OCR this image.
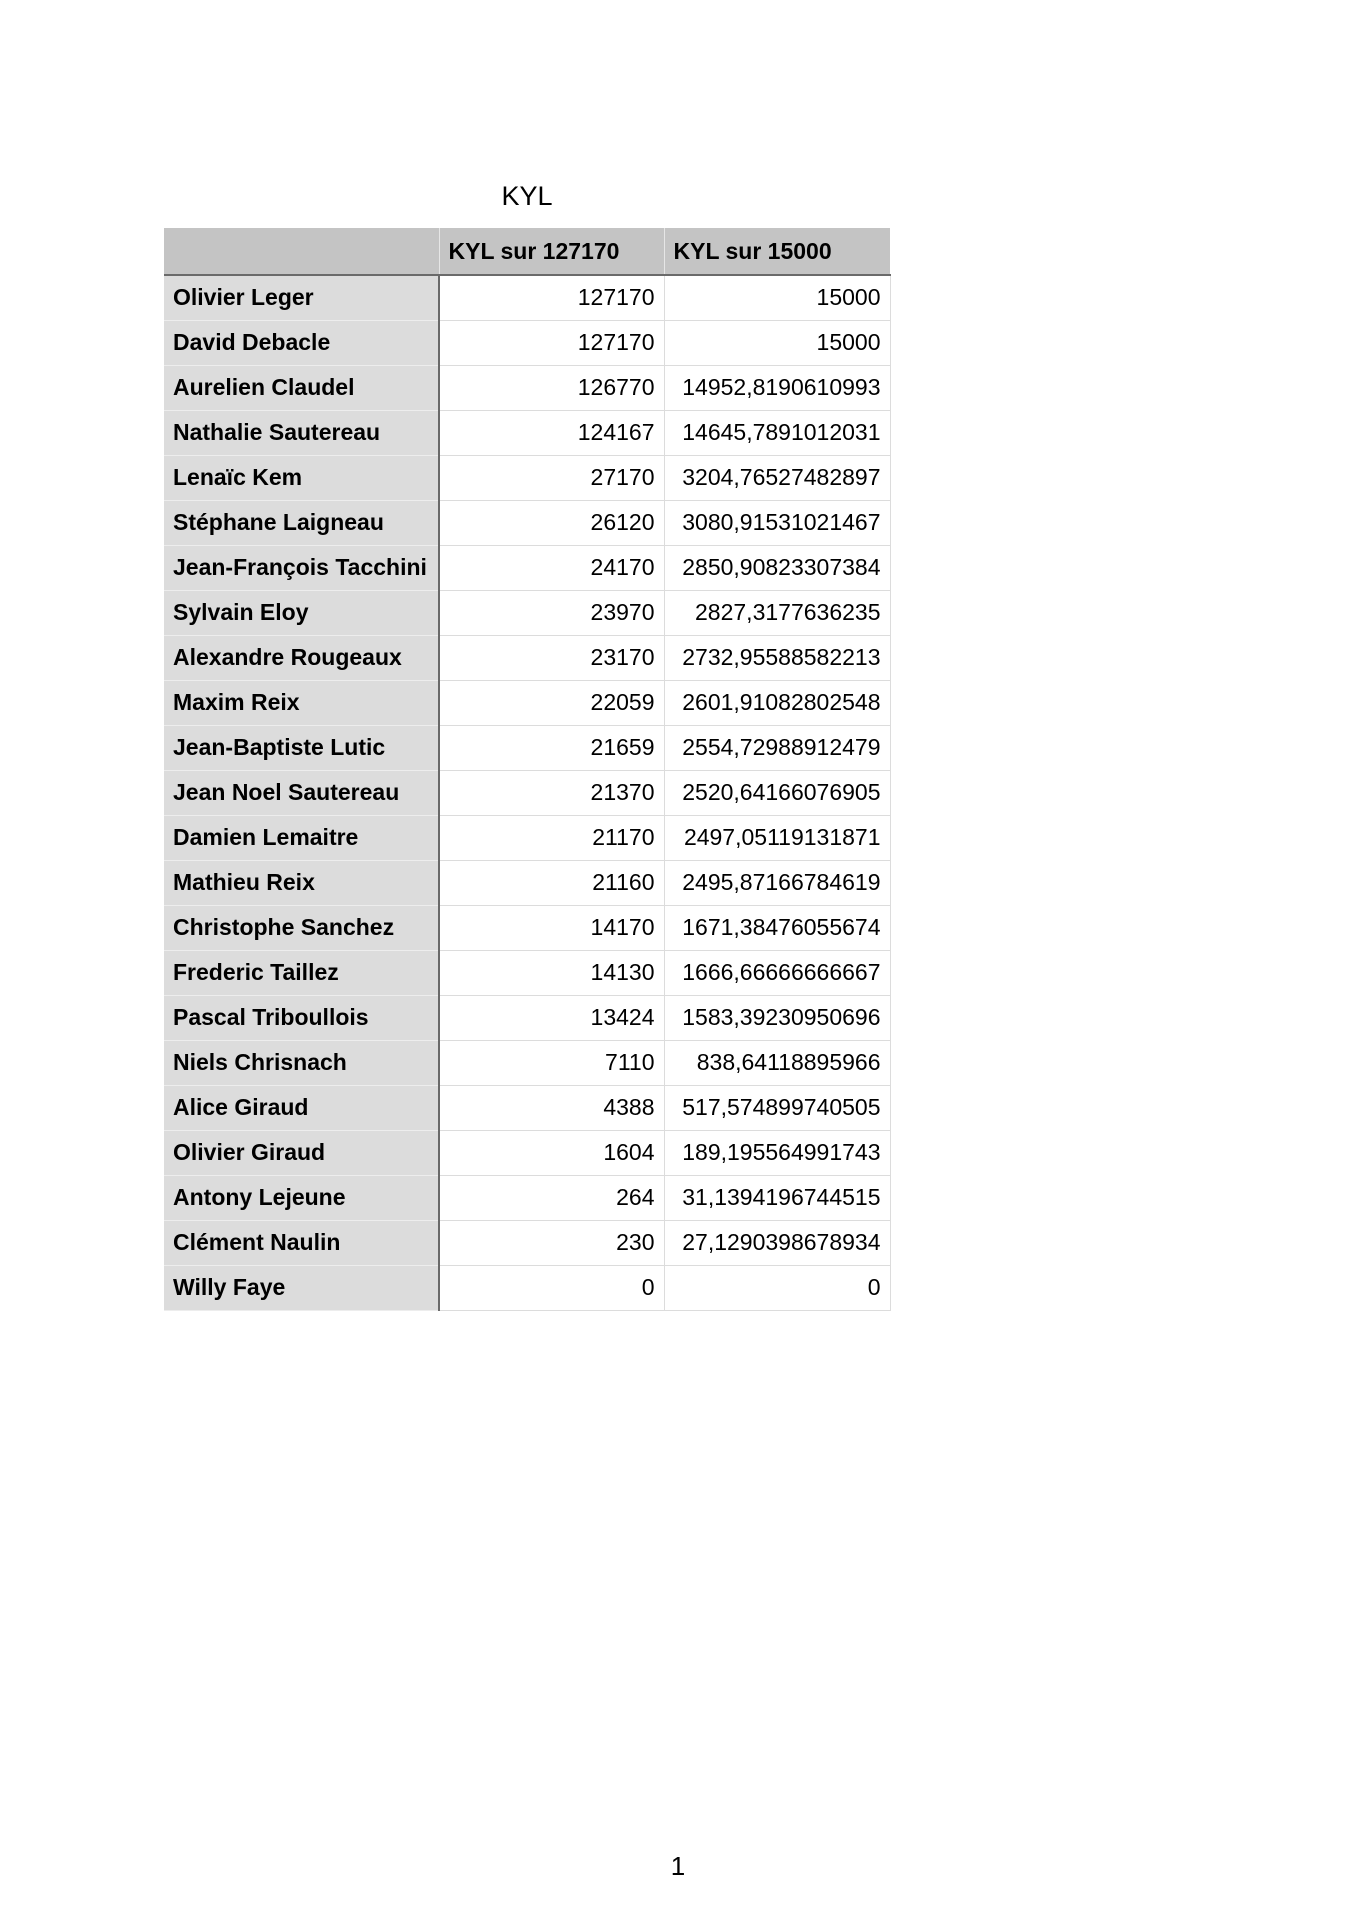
KYL
	KYL sur 127170	KYL sur 15000
Olivier Leger	127170	15000
David Debacle	127170	15000
Aurelien Claudel	126770	14952,8190610993
Nathalie Sautereau	124167	14645,7891012031
Lenaïc Kem	27170	3204,76527482897
Stéphane Laigneau	26120	3080,91531021467
Jean-François Tacchini	24170	2850,90823307384
Sylvain Eloy	23970	2827,3177636235
Alexandre Rougeaux	23170	2732,95588582213
Maxim Reix	22059	2601,91082802548
Jean-Baptiste Lutic	21659	2554,72988912479
Jean Noel Sautereau	21370	2520,64166076905
Damien Lemaitre	21170	2497,05119131871
Mathieu Reix	21160	2495,87166784619
Christophe Sanchez	14170	1671,38476055674
Frederic Taillez	14130	1666,66666666667
Pascal Triboullois	13424	1583,39230950696
Niels Chrisnach	7110	838,64118895966
Alice Giraud	4388	517,574899740505
Olivier Giraud	1604	189,195564991743
Antony Lejeune	264	31,1394196744515
Clément Naulin	230	27,1290398678934
Willy Faye	0	0
1
